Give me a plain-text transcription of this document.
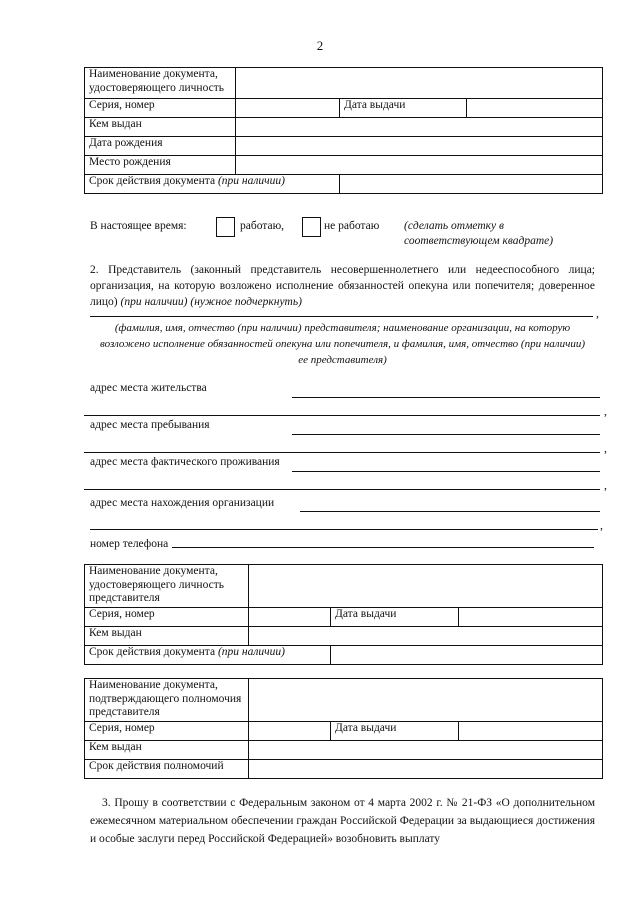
2
Наименование документа, удостоверяющего личность			
Серия, номер		Дата выдачи	
Кем выдан			
Дата рождения			
Место рождения			
Срок действия документа (при наличии)			
В настоящее время:	работаю,	не работаю (сделать отметку в соответствующем квадрате)
2. Представитель (законный представитель несовершеннолетнего или недееспособного лица; организация, на которую возложено исполнение обязанностей опекуна или попечителя; доверенное лицо) (при наличии) (нужное подчеркнуть)
,
(фамилия, имя, отчество (при наличии) представителя; наименование организации, на которую возложено исполнение обязанностей опекуна или попечителя, и фамилия, имя, отчество (при наличии) ее представителя)
адрес места жительства
,
адрес места пребывания
,
адрес места фактического проживания
,
адрес места нахождения организации
,
номер телефона
Наименование документа, удостоверяющего личность представителя			
Серия, номер		Дата выдачи	
Кем выдан			
Срок действия документа (при наличии)			
Наименование документа, подтверждающего полномочия представителя			
Серия, номер		Дата выдачи	
Кем выдан			
Срок действия полномочий			
3. Прошу в соответствии с Федеральным законом от 4 марта 2002 г. № 21-ФЗ «О дополнительном ежемесячном материальном обеспечении граждан Российской Федерации за выдающиеся достижения и особые заслуги перед Российской Федерацией» возобновить выплату
